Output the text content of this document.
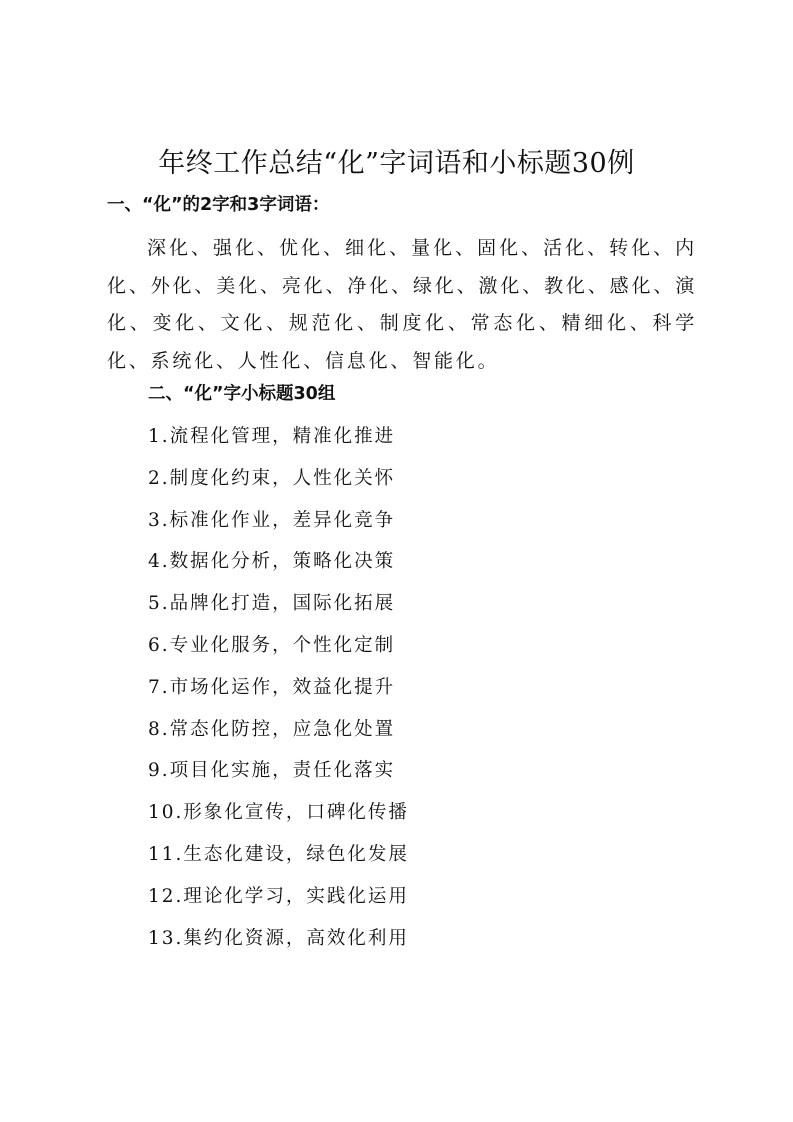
年终工作总结“化”字词语和小标题30例
一、“化”的2字和3字词语：

深化、强化、优化、细化、量化、固化、活化、转化、内化、外化、美化、亮化、净化、绿化、激化、教化、感化、演化、变化、文化、规范化、制度化、常态化、精细化、科学化、系统化、人性化、信息化、智能化。

二、“化”字小标题30组
1.流程化管理，精准化推进
2.制度化约束，人性化关怀
3.标准化作业，差异化竞争
4.数据化分析，策略化决策
5.品牌化打造，国际化拓展
6.专业化服务，个性化定制
7.市场化运作，效益化提升
8.常态化防控，应急化处置
9.项目化实施，责任化落实
10.形象化宣传，口碑化传播
11.生态化建设，绿色化发展
12.理论化学习，实践化运用
13.集约化资源，高效化利用
